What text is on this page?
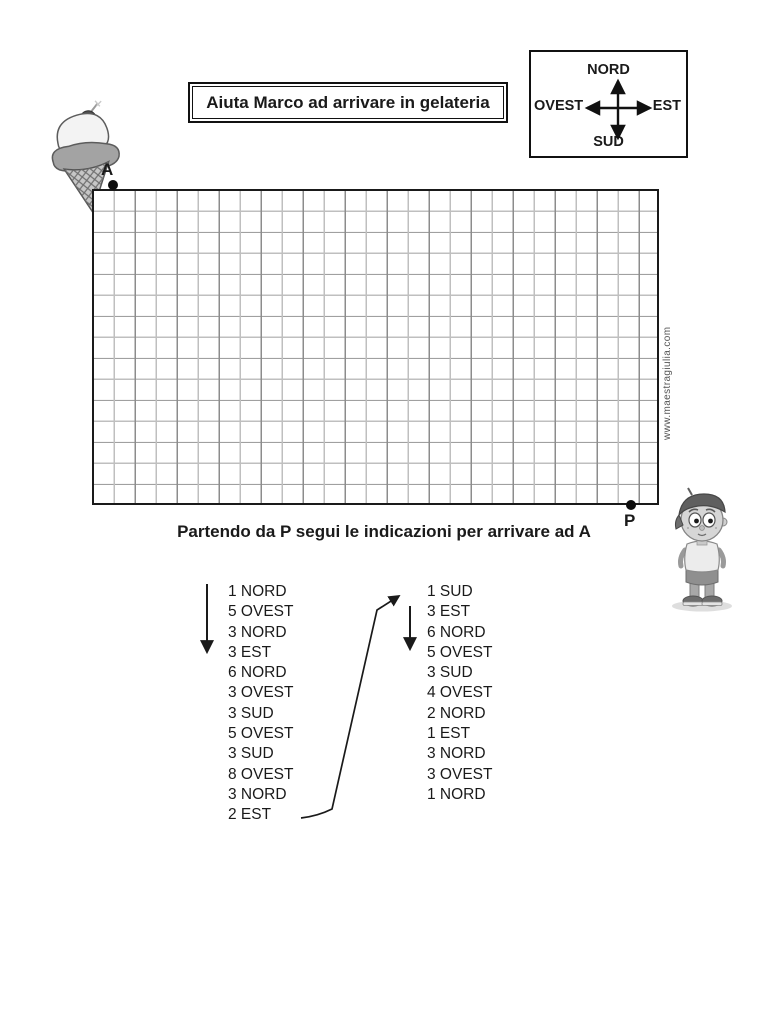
Aiuta Marco ad arrivare in gelateria
NORD
SUD
OVEST	EST
A
P
www.maestragiulia.com
Partendo da P segui le indicazioni per arrivare ad A
1 NORD
5 OVEST
3 NORD
3 EST
6 NORD
3 OVEST
3 SUD
5 OVEST
3 SUD
8 OVEST
3 NORD
2 EST
1 SUD
3 EST
6 NORD
5 OVEST
3 SUD
4 OVEST
2 NORD
1 EST
3 NORD
3 OVEST
1 NORD
